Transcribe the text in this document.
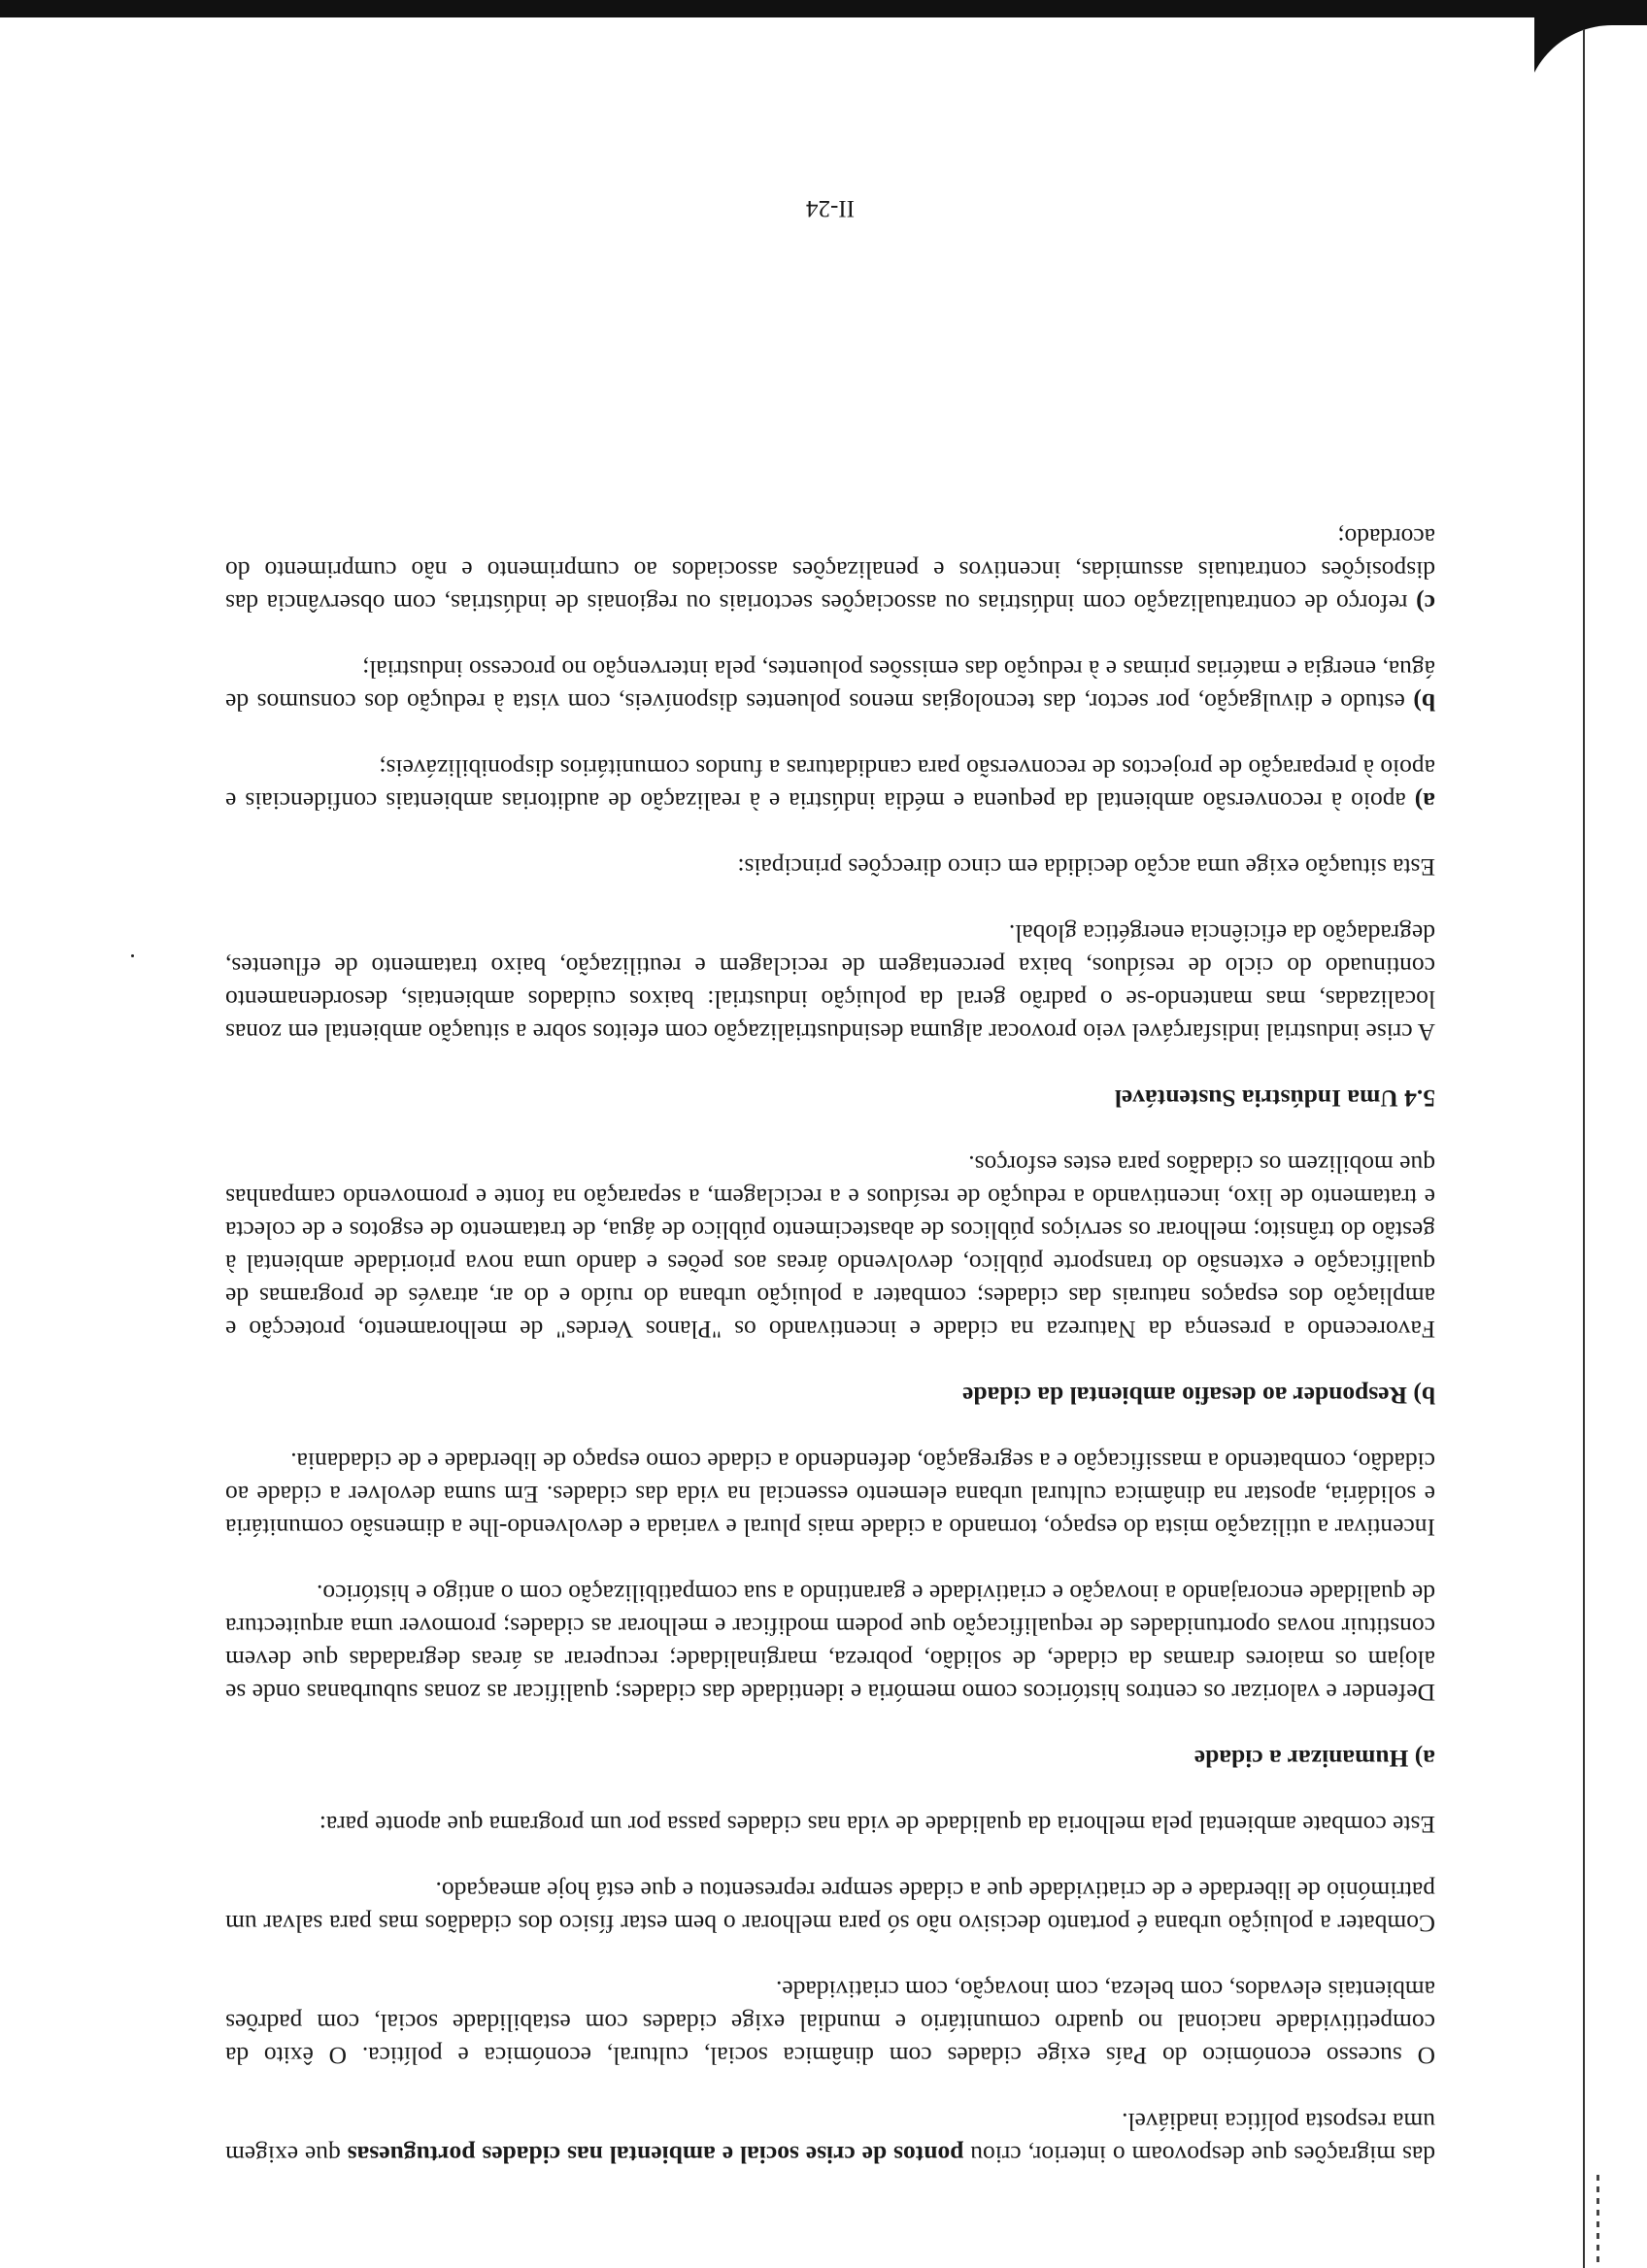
das migrações que despovoam o interior, criou pontos de crise social e ambiental nas cidades portuguesas que exigem uma resposta política inadiável.

O sucesso económico do País exige cidades com dinâmica social, cultural, económica e política. O êxito da competitividade nacional no quadro comunitário e mundial exige cidades com estabilidade social, com padrões ambientais elevados, com beleza, com inovação, com criatividade.

Combater a poluição urbana é portanto decisivo não só para melhorar o bem estar físico dos cidadãos mas para salvar um património de liberdade e de criatividade que a cidade sempre representou e que está hoje ameaçado.

Este combate ambiental pela melhoria da qualidade de vida nas cidades passa por um programa que aponte para:

a) Humanizar a cidade

Defender e valorizar os centros históricos como memória e identidade das cidades; qualificar as zonas suburbanas onde se alojam os maiores dramas da cidade, de solidão, pobreza, marginalidade; recuperar as áreas degradadas que devem constituir novas oportunidades de requalificação que podem modificar e melhorar as cidades; promover uma arquitectura de qualidade encorajando a inovação e criatividade e garantindo a sua compatibilização com o antigo e histórico.

Incentivar a utilização mista do espaço, tornando a cidade mais plural e variada e devolvendo-lhe a dimensão comunitária e solidária, apostar na dinâmica cultural urbana elemento essencial na vida das cidades. Em suma devolver a cidade ao cidadão, combatendo a massificação e a segregação, defendendo a cidade como espaço de liberdade e de cidadania.

b) Responder ao desafio ambiental da cidade

Favorecendo a presença da Natureza na cidade e incentivando os "Planos Verdes" de melhoramento, protecção e ampliação dos espaços naturais das cidades; combater a poluição urbana do ruído e do ar, através de programas de qualificação e extensão do transporte público, devolvendo áreas aos peões e dando uma nova prioridade ambiental à gestão do trânsito; melhorar os serviços públicos de abastecimento público de água, de tratamento de esgotos e de colecta e tratamento de lixo, incentivando a redução de resíduos e a reciclagem, a separação na fonte e promovendo campanhas que mobilizem os cidadãos para estes esforços.

5.4 Uma Indústria Sustentável

A crise industrial indisfarçável veio provocar alguma desindustrialização com efeitos sobre a situação ambiental em zonas localizadas, mas mantendo-se o padrão geral da poluição industrial: baixos cuidados ambientais, desordenamento continuado do ciclo de resíduos, baixa percentagem de reciclagem e reutilização, baixo tratamento de efluentes, degradação da eficiência energética global.

Esta situação exige uma acção decidida em cinco direcções principais:

a) apoio à reconversão ambiental da pequena e média indústria e à realização de auditorias ambientais confidenciais e apoio à preparação de projectos de reconversão para candidaturas a fundos comunitários disponibilizáveis;

b) estudo e divulgação, por sector, das tecnologias menos poluentes disponíveis, com vista à redução dos consumos de água, energia e matérias primas e à redução das emissões poluentes, pela intervenção no processo industrial;

c) reforço de contratualização com indústrias ou associações sectoriais ou regionais de indústrias, com observância das disposições contratuais assumidas, incentivos e penalizações associados ao cumprimento e não cumprimento do acordado;

II-24
